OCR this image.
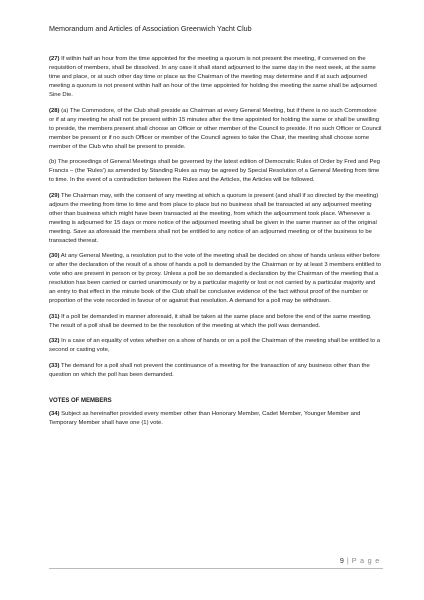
Memorandum and Articles of Association Greenwich Yacht Club

(27) If within half an hour from the time appointed for the meeting a quorum is not present the meeting, if convened on the requisition of members, shall be dissolved. In any case it shall stand adjourned to the same day in the next week, at the same time and place, or at such other day time or place as the Chairman of the meeting may determine and if at such adjourned meeting a quorum is not present within half an hour of the time appointed for holding the meeting the same shall be adjourned Sine Die.

(28) (a) The Commodore, of the Club shall preside as Chairman at every General Meeting, but if there is no such Commodore or if at any meeting he shall not be present within 15 minutes after the time appointed for holding the same or shall be unwilling to preside, the members present shall choose an Officer or other member of the Council to preside. If no such Officer or Council member be present or if no such Officer or member of the Council agrees to take the Chair, the meeting shall choose some member of the Club who shall be present to preside.

(b) The proceedings of General Meetings shall be governed by the latest edition of Democratic Rules of Order by Fred and Peg Francis – (the 'Rules') as amended by Standing Rules as may be agreed by Special Resolution of a General Meeting from time to time. In the event of a contradiction between the Rules and the Articles, the Articles will be followed.

(29) The Chairman may, with the consent of any meeting at which a quorum is present (and shall if so directed by the meeting) adjourn the meeting from time to time and from place to place but no business shall be transacted at any adjourned meeting other than business which might have been transacted at the meeting, from which the adjournment took place. Whenever a meeting is adjourned for 15 days or more notice of the adjourned meeting shall be given in the same manner as of the original meeting. Save as aforesaid the members shall not be entitled to any notice of an adjourned meeting or of the business to be transacted thereat.

(30) At any General Meeting, a resolution put to the vote of the meeting shall be decided on show of hands unless either before or after the declaration of the result of a show of hands a poll is demanded by the Chairman or by at least 3 members entitled to vote who are present in person or by proxy. Unless a poll be so demanded a declaration by the Chairman of the meeting that a resolution has been carried or carried unanimously or by a particular majority or lost or not carried by a particular majority and an entry to that effect in the minute book of the Club shall be conclusive evidence of the fact without proof of the number or proportion of the vote recorded in favour of or against that resolution. A demand for a poll may be withdrawn.

(31) If a poll be demanded in manner aforesaid, it shall be taken at the same place and before the end of the same meeting. The result of a poll shall be deemed to be the resolution of the meeting at which the poll was demanded.

(32) In a case of an equality of votes whether on a show of hands or on a poll the Chairman of the meeting shall be entitled to a second or casting vote,

(33) The demand for a poll shall not prevent the continuance of a meeting for the transaction of any business other than the question on which the poll has been demanded.

VOTES OF MEMBERS

(34) Subject as hereinafter provided every member other than Honorary Member, Cadet Member, Younger Member and Temporary Member shall have one (1) vote.

9 | P a g e
